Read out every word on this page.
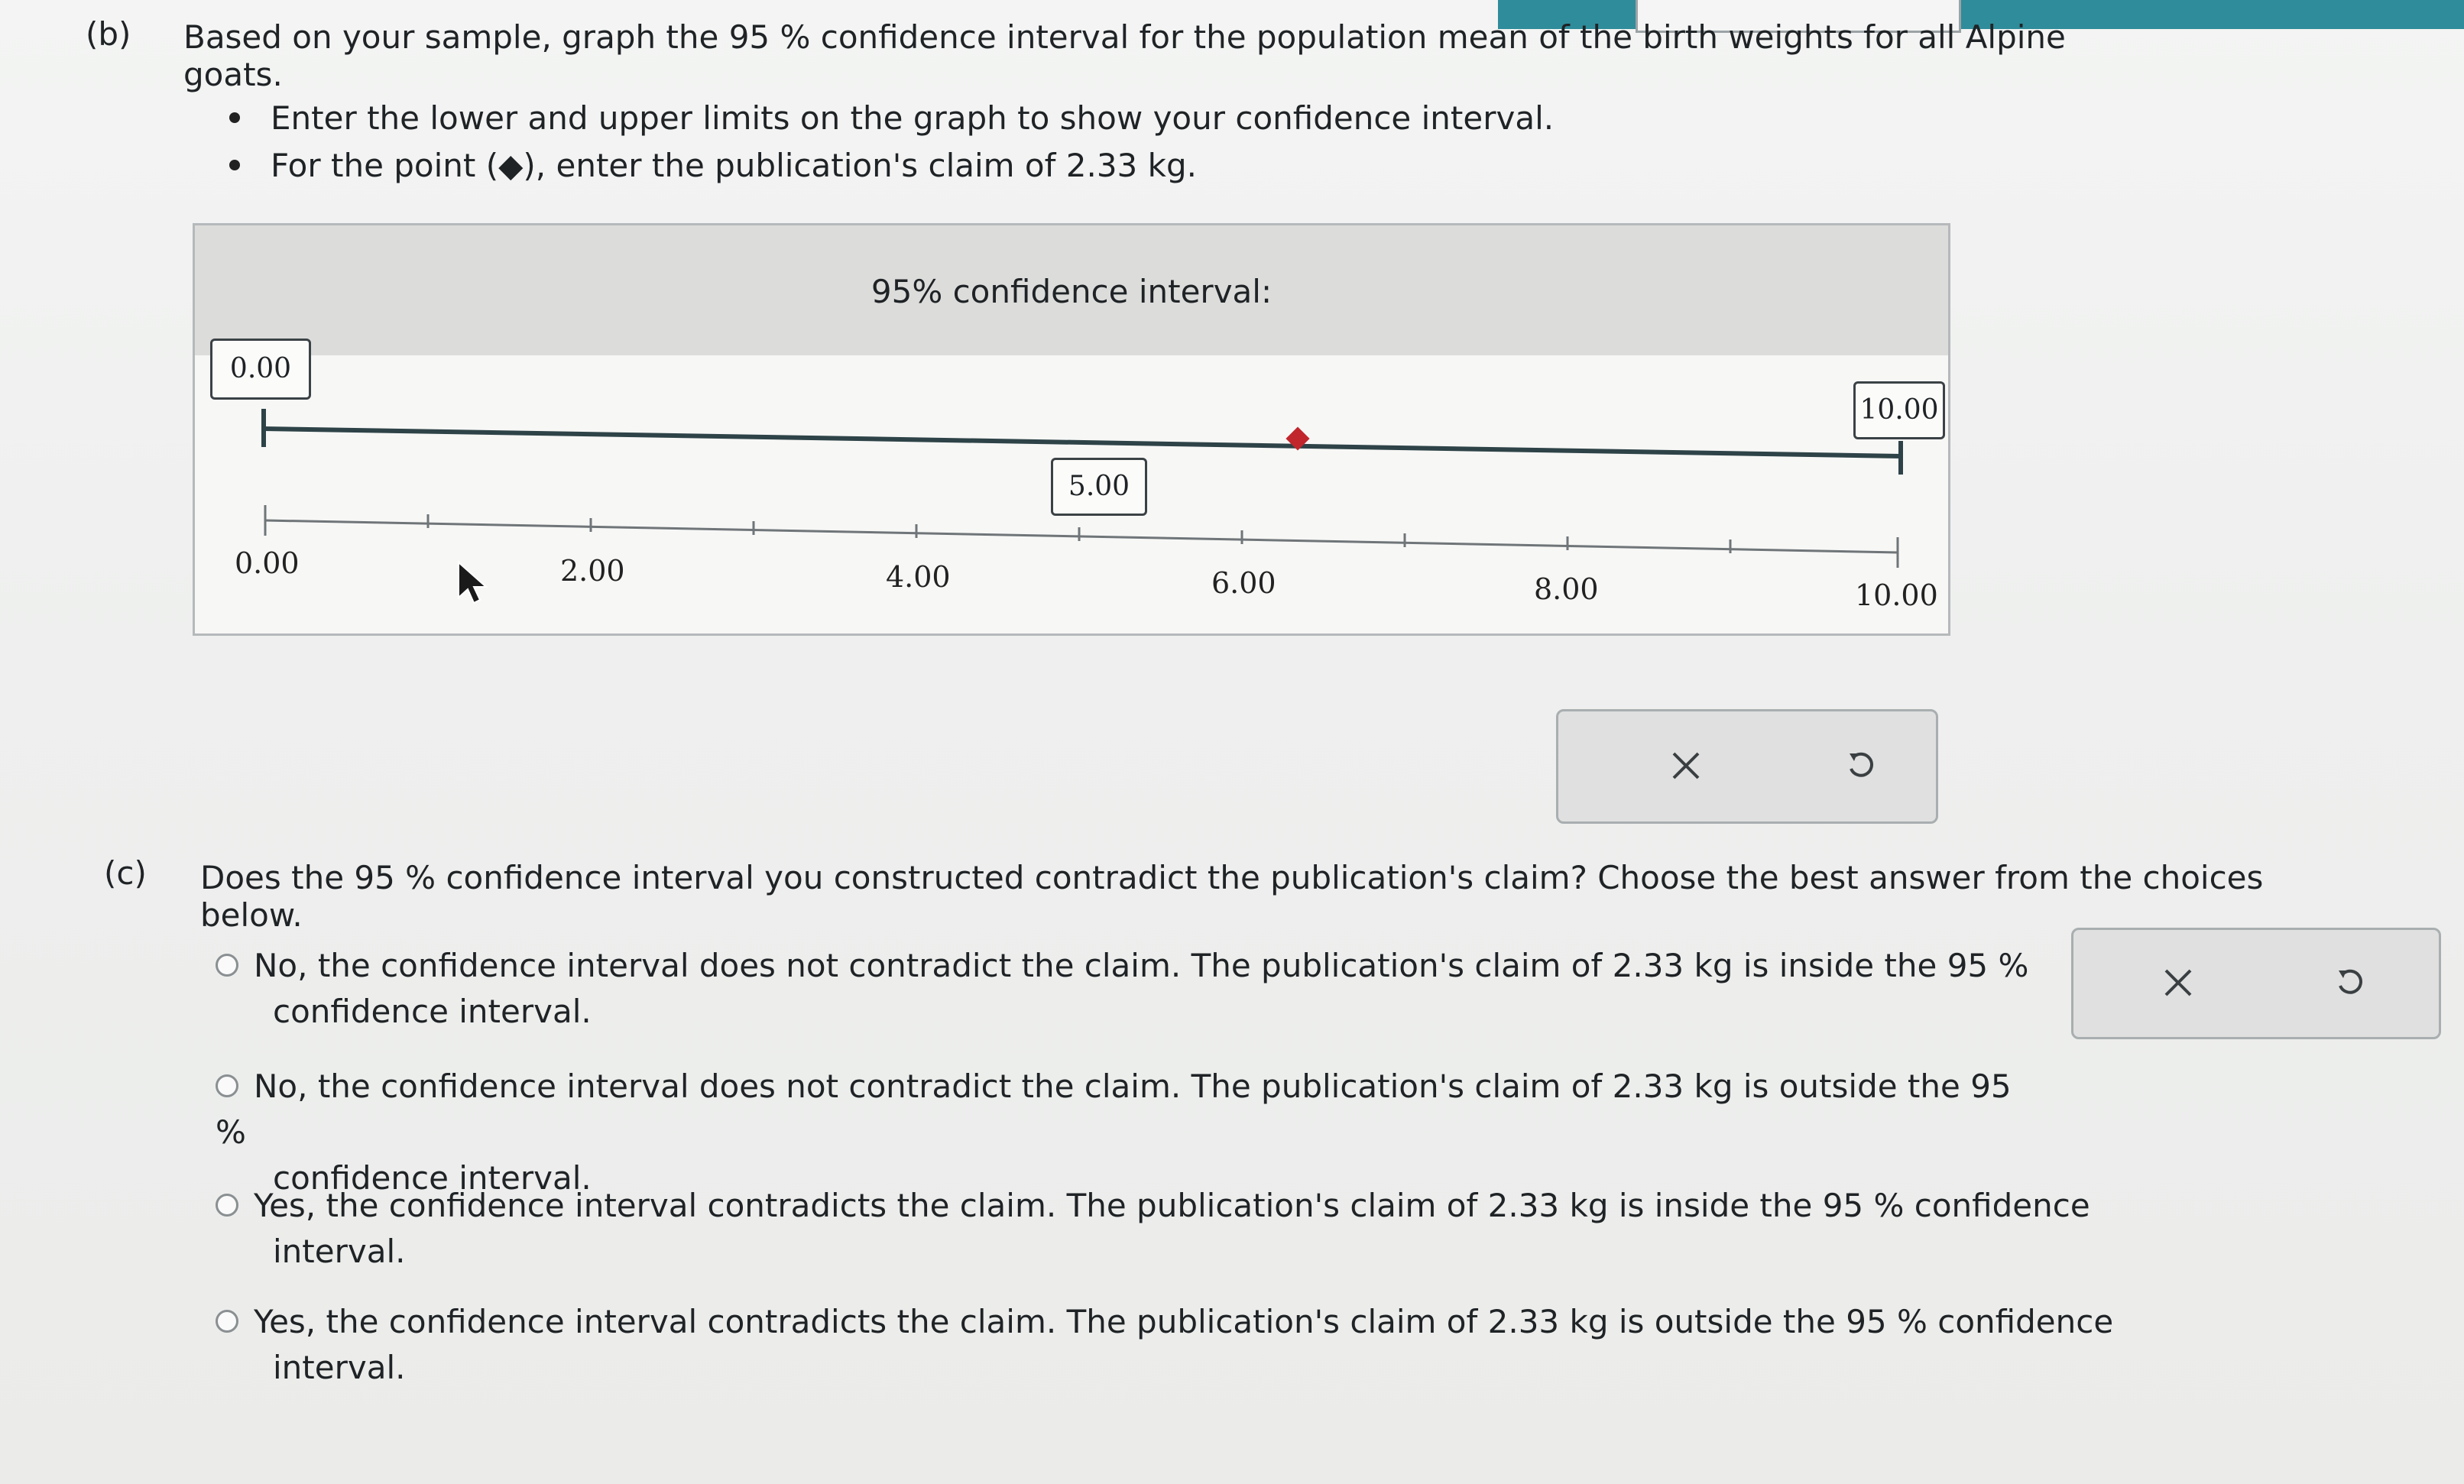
(b) Based on your sample, graph the 95 % confidence interval for the population mean of the birth weights for all Alpine goats.
Enter the lower and upper limits on the graph to show your confidence interval.
For the point (◆), enter the publication's claim of 2.33 kg.
95% confidence interval:
0.00
10.00
5.00
0.00	2.00	4.00	6.00	8.00	10.00
(c) Does the 95 % confidence interval you constructed contradict the publication's claim? Choose the best answer from the choices below.
No, the confidence interval does not contradict the claim. The publication's claim of 2.33 kg is inside the 95 %
confidence interval.
No, the confidence interval does not contradict the claim. The publication's claim of 2.33 kg is outside the 95 %
confidence interval.
Yes, the confidence interval contradicts the claim. The publication's claim of 2.33 kg is inside the 95 % confidence
interval.
Yes, the confidence interval contradicts the claim. The publication's claim of 2.33 kg is outside the 95 % confidence
interval.
